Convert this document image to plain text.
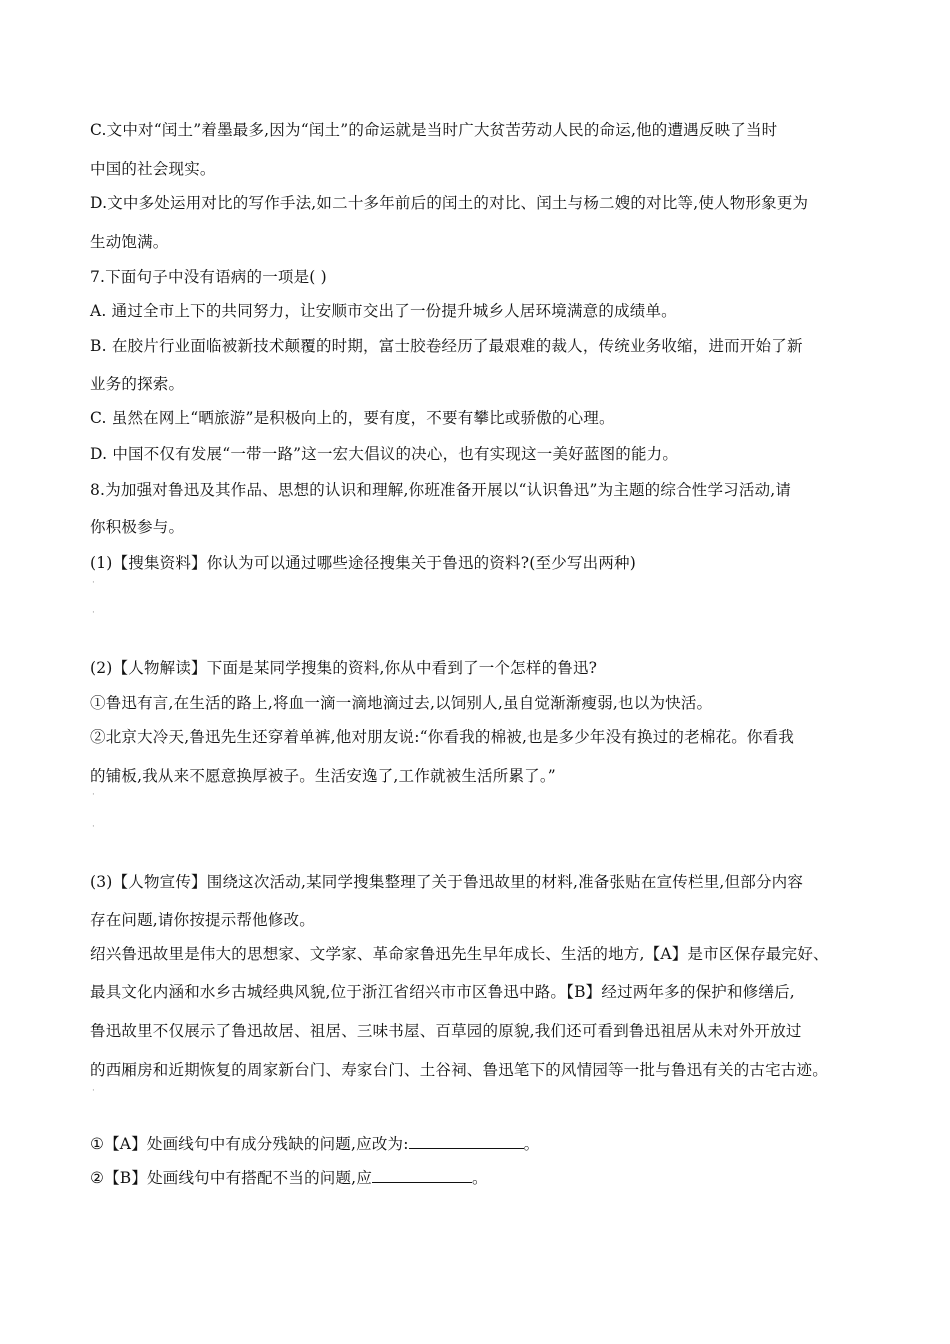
C.文中对“闰土”着墨最多,因为“闰土”的命运就是当时广大贫苦劳动人民的命运,他的遭遇反映了当时
中国的社会现实。
D.文中多处运用对比的写作手法,如二十多年前后的闰土的对比、闰土与杨二嫂的对比等,使人物形象更为
生动饱满。
7.下面句子中没有语病的一项是( )
A. 通过全市上下的共同努力，让安顺市交出了一份提升城乡人居环境满意的成绩单。
B. 在胶片行业面临被新技术颠覆的时期，富士胶卷经历了最艰难的裁人，传统业务收缩，进而开始了新
业务的探索。
C. 虽然在网上“晒旅游”是积极向上的，要有度，不要有攀比或骄傲的心理。
D. 中国不仅有发展“一带一路”这一宏大倡议的决心，也有实现这一美好蓝图的能力。
8.为加强对鲁迅及其作品、思想的认识和理解,你班准备开展以“认识鲁迅”为主题的综合性学习活动,请
你积极参与。
(1)【搜集资料】你认为可以通过哪些途径搜集关于鲁迅的资料?(至少写出两种)
·
·
(2)【人物解读】下面是某同学搜集的资料,你从中看到了一个怎样的鲁迅?
①鲁迅有言,在生活的路上,将血一滴一滴地滴过去,以饲别人,虽自觉渐渐瘦弱,也以为快活。
②北京大冷天,鲁迅先生还穿着单裤,他对朋友说:“你看我的棉被,也是多少年没有换过的老棉花。你看我
的铺板,我从来不愿意换厚被子。生活安逸了,工作就被生活所累了。”
·
·
(3)【人物宣传】围绕这次活动,某同学搜集整理了关于鲁迅故里的材料,准备张贴在宣传栏里,但部分内容
存在问题,请你按提示帮他修改。
绍兴鲁迅故里是伟大的思想家、文学家、革命家鲁迅先生早年成长、生活的地方,【A】是市区保存最完好、
最具文化内涵和水乡古城经典风貌,位于浙江省绍兴市市区鲁迅中路。【B】经过两年多的保护和修缮后,
鲁迅故里不仅展示了鲁迅故居、祖居、三味书屋、百草园的原貌,我们还可看到鲁迅祖居从未对外开放过
的西厢房和近期恢复的周家新台门、寿家台门、土谷祠、鲁迅笔下的风情园等一批与鲁迅有关的古宅古迹。
·
①【A】处画线句中有成分残缺的问题,应改为:	。
②【B】处画线句中有搭配不当的问题,应	。
